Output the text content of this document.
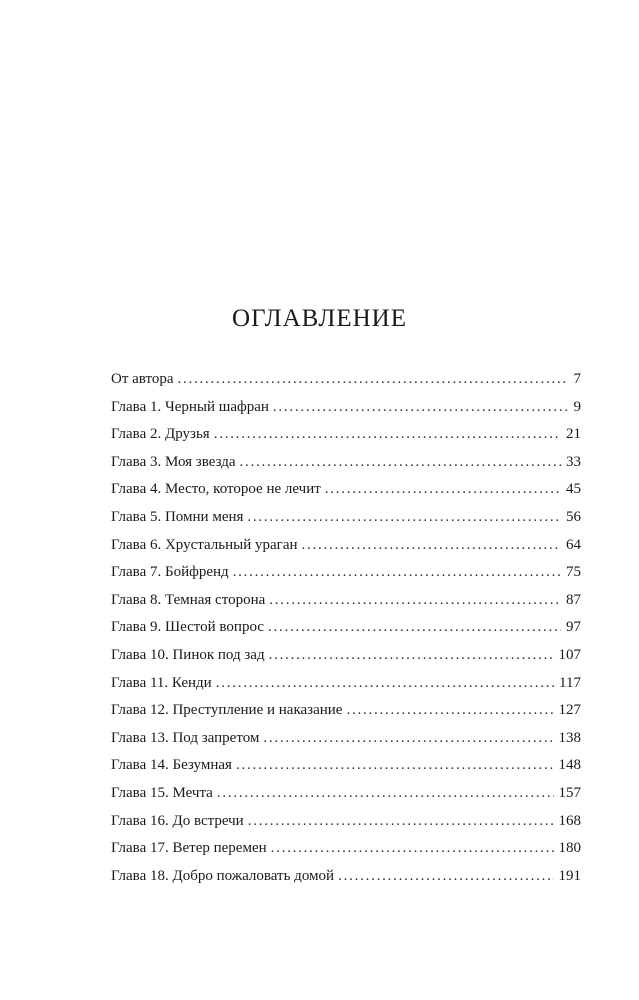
ОГЛАВЛЕНИЕ
От автора . . .	7
Глава 1. Черный шафран . . .	9
Глава 2. Друзья . . .	21
Глава 3. Моя звезда . . .	33
Глава 4. Место, которое не лечит . . .	45
Глава 5. Помни меня . . .	56
Глава 6. Хрустальный ураган . . .	64
Глава 7. Бойфренд . . .	75
Глава 8. Темная сторона . . .	87
Глава 9. Шестой вопрос . . .	97
Глава 10. Пинок под зад . . .	107
Глава 11. Кенди . . .	117
Глава 12. Преступление и наказание . . .	127
Глава 13. Под запретом . . .	138
Глава 14. Безумная . . .	148
Глава 15. Мечта . . .	157
Глава 16. До встречи . . .	168
Глава 17. Ветер перемен . . .	180
Глава 18. Добро пожаловать домой . . .	191
